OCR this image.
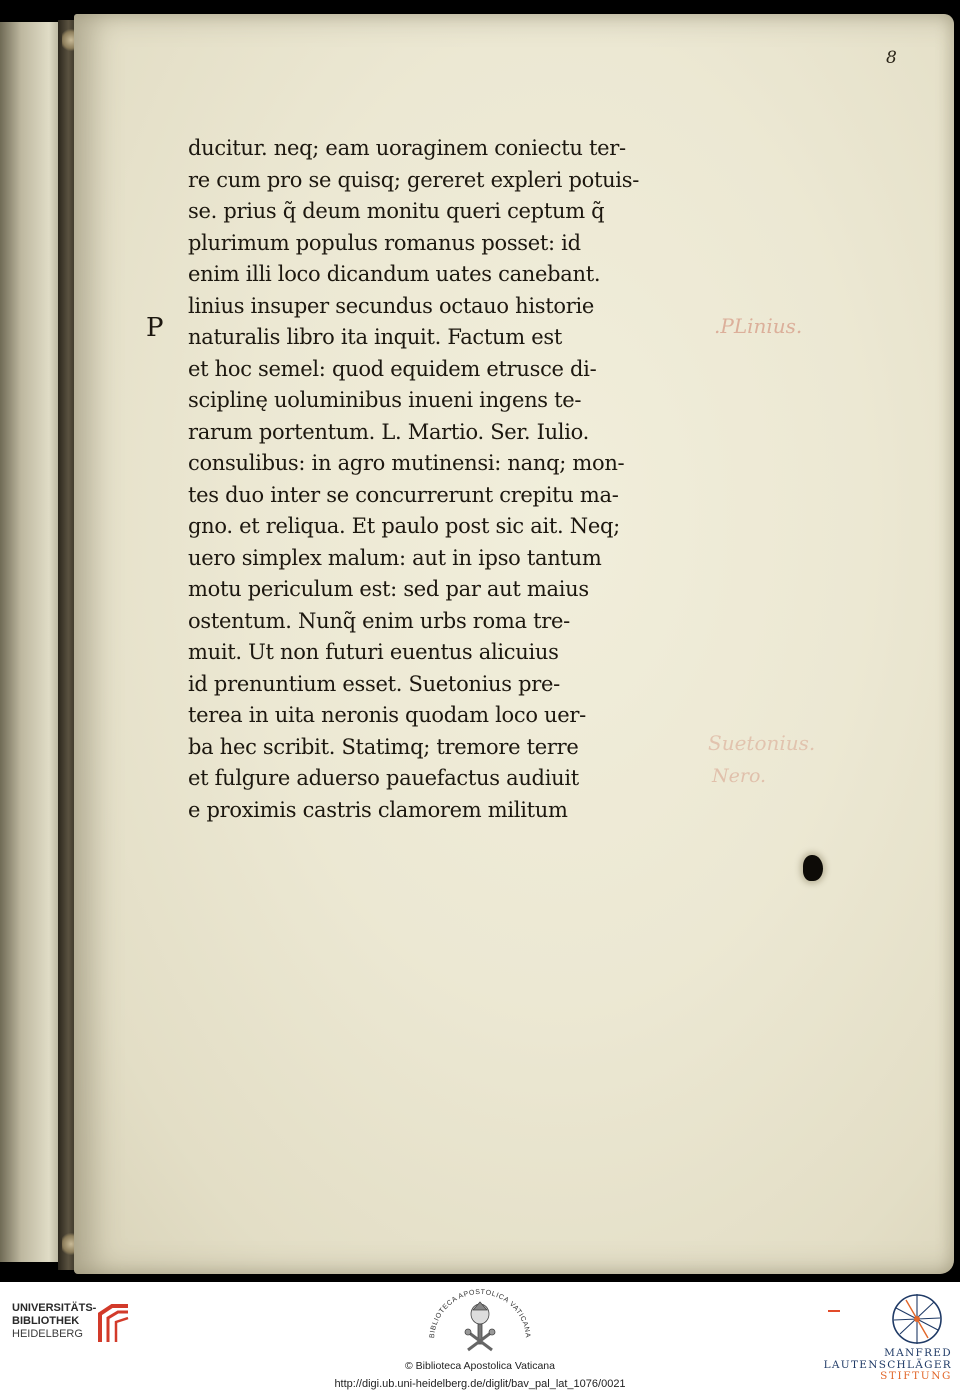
8
P
ducitur. neq; eam uoraginem coniectu ter-
re cum pro se quisq; gereret expleri potuis-
se. prius q̃ deum monitu queri ceptum q̃
plurimum populus romanus posset: id
enim illi loco dicandum uates canebant.
linius insuper secundus octauo historie
naturalis libro ita inquit. Factum est
et hoc semel: quod equidem etrusce di-
sciplinę uoluminibus inueni ingens te-
rarum portentum. L. Martio. Ser. Iulio.
consulibus: in agro mutinensi: nanq; mon-
tes duo inter se concurrerunt crepitu ma-
gno. et reliqua. Et paulo post sic ait. Neq;
uero simplex malum: aut in ipso tantum
motu periculum est: sed par aut maius
ostentum. Nunq̃ enim urbs roma tre-
muit. Ut non futuri euentus alicuius
id prenuntium esset. Suetonius pre-
terea in uita neronis quodam loco uer-
ba hec scribit. Statimq; tremore terre
et fulgure aduerso pauefactus audiuit
e proximis castris clamorem militum
.PLinius.
Suetonius.
Nero.
UNIVERSITÄTS-
BIBLIOTHEK
HEIDELBERG	BIBLIOTECA APOSTOLICA VATICANA
© Biblioteca Apostolica Vaticana
http://digi.ub.uni-heidelberg.de/diglit/bav_pal_lat_1076/0021
MANFRED
LAUTENSCHLÄGER
STIFTUNG
